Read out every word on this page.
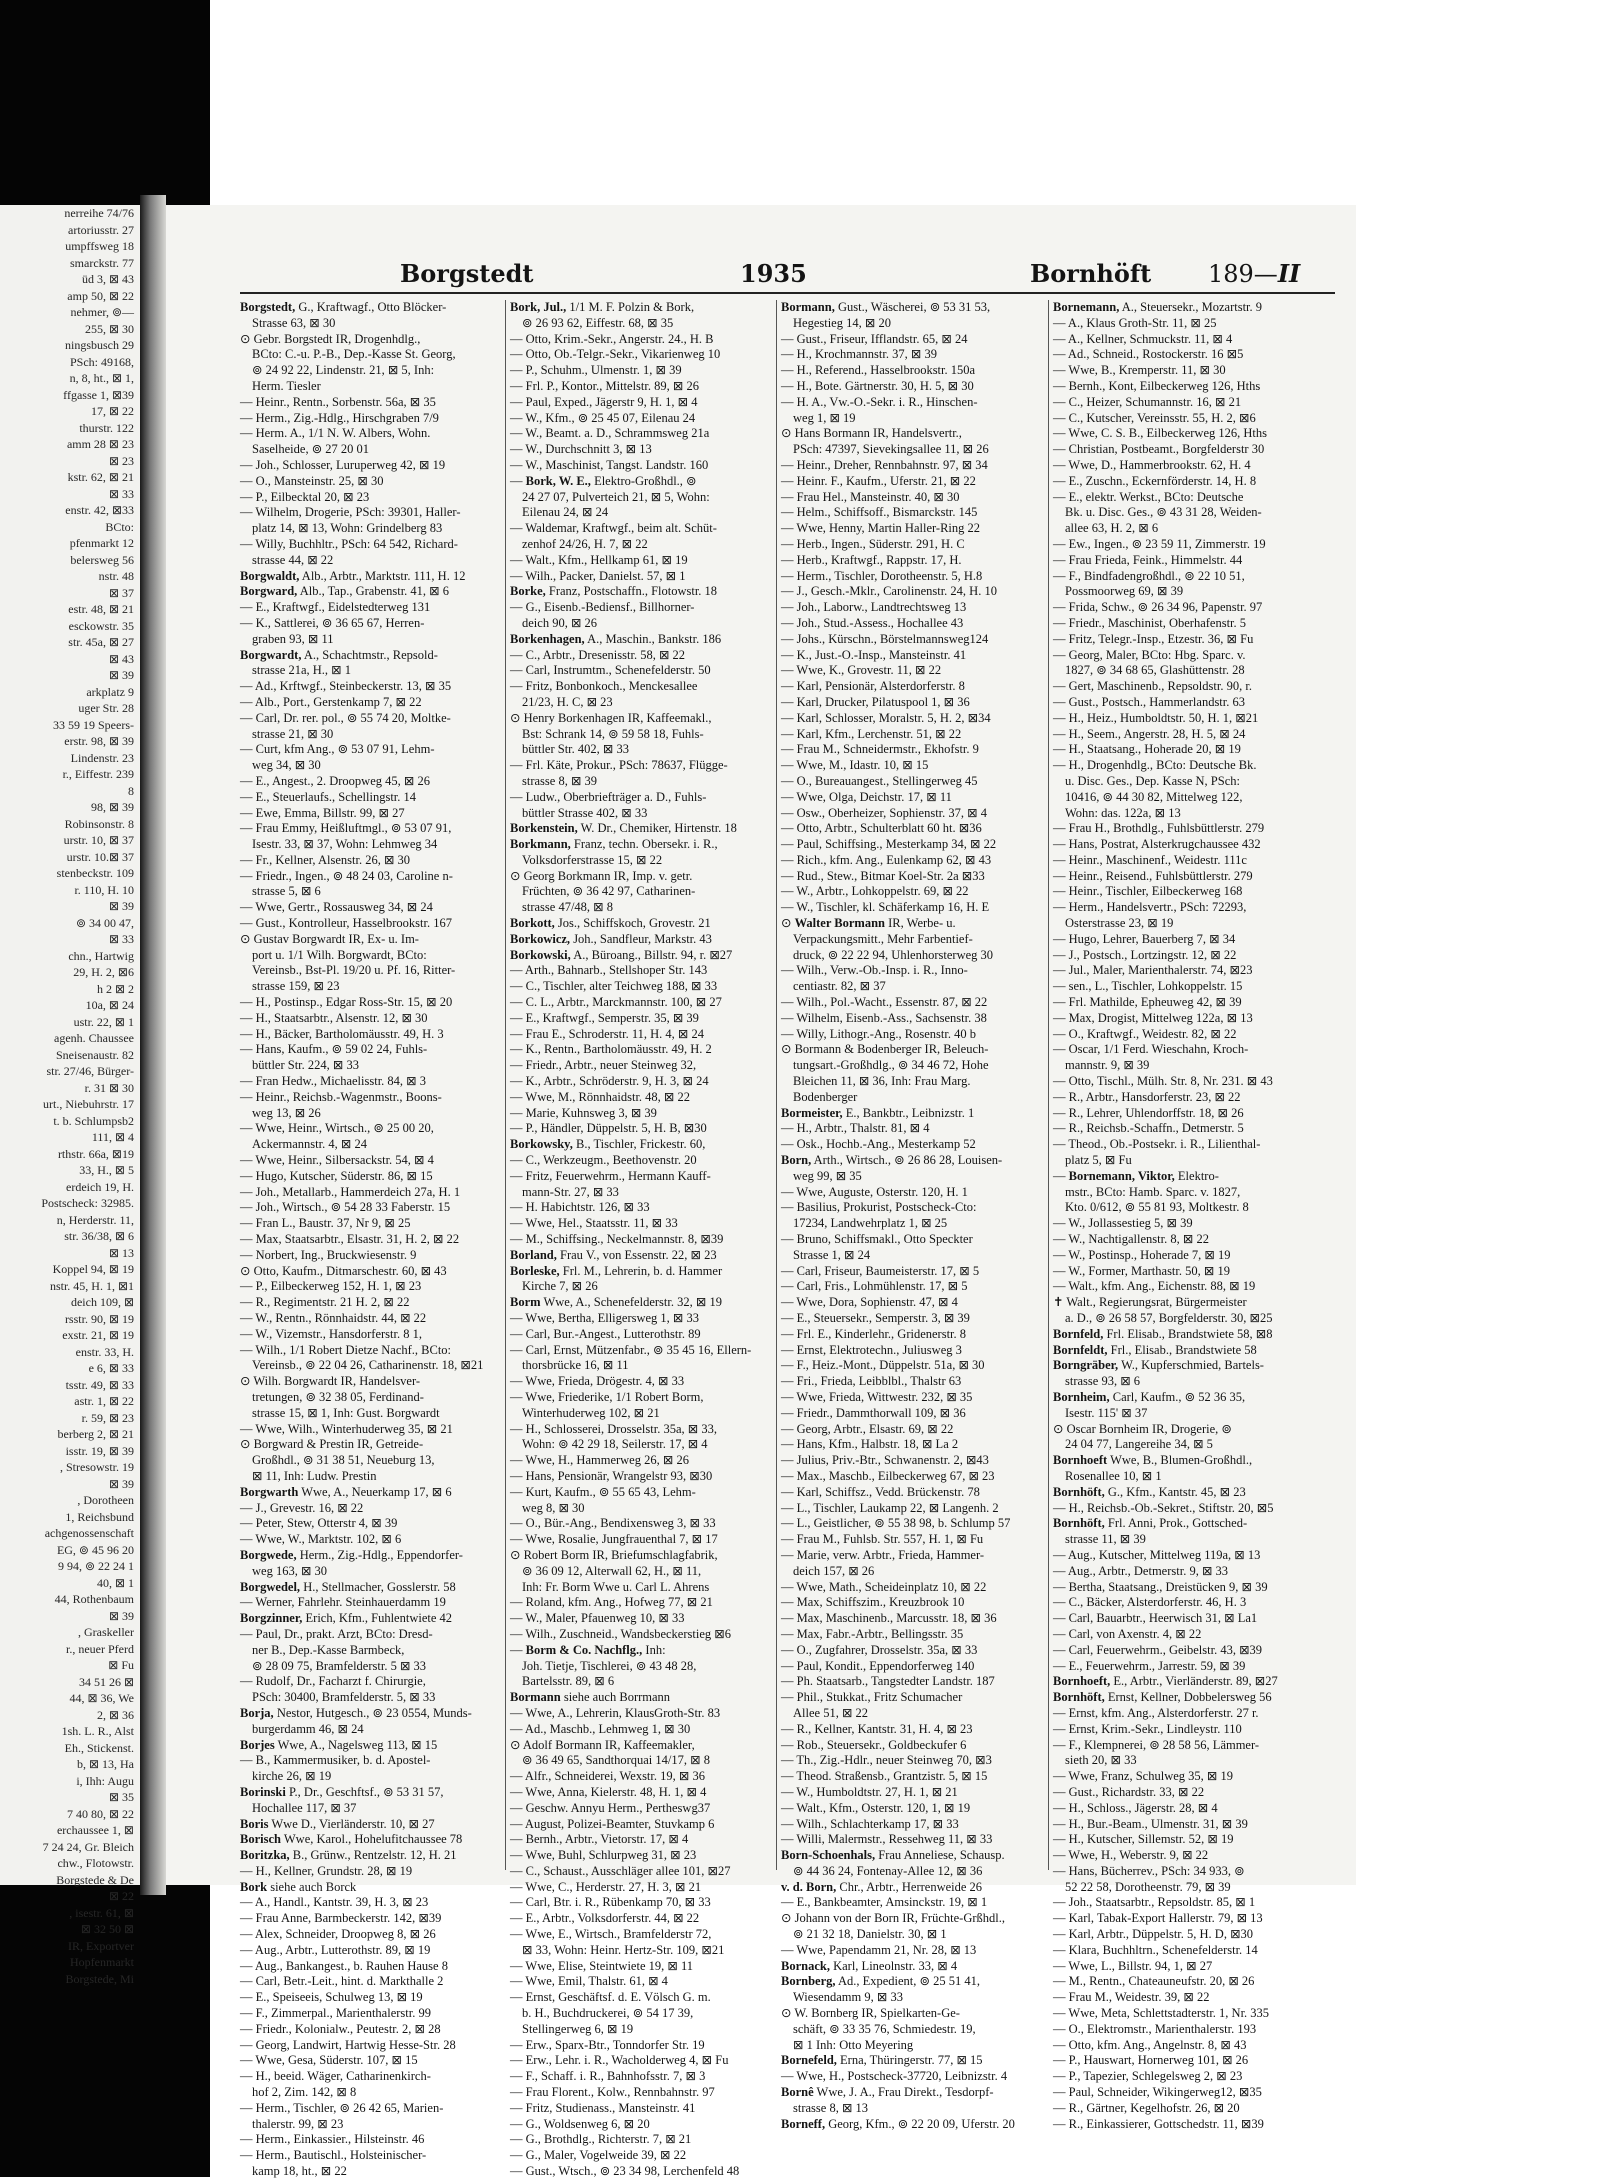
nerreihe 74/76
artoriusstr. 27
umpffsweg 18
smarckstr. 77
üd 3, ⊠ 43
amp 50, ⊠ 22
nehmer, ⊚—
255, ⊠ 30
ningsbusch 29
PSch: 49168,
n, 8, ht., ⊠ 1,
ffgasse 1, ⊠39
17, ⊠ 22
thurstr. 122
amm 28 ⊠ 23
⊠ 23
kstr. 62, ⊠ 21
⊠ 33
enstr. 42, ⊠33
BCto:
pfenmarkt 12
belersweg 56
nstr. 48
⊠ 37
estr. 48, ⊠ 21
esckowstr. 35
str. 45a, ⊠ 27
⊠ 43
⊠ 39
arkplatz 9
uger Str. 28
33 59 19 Speers-
erstr. 98, ⊠ 39
Lindenstr. 23
r., Eiffestr. 239
8
98, ⊠ 39
Robinsonstr. 8
urstr. 10, ⊠ 37
urstr. 10.⊠ 37
stenbeckstr. 109
r. 110, H. 10
⊠ 39
⊚ 34 00 47,
⊠ 33
chn., Hartwig
29, H. 2, ⊠6
h 2 ⊠ 2
10a, ⊠ 24
ustr. 22, ⊠ 1
agenh. Chaussee
Sneisenaustr. 82
str. 27/46, Bürger-
r. 31 ⊠ 30
urt., Niebuhrstr. 17
t. b. Schlumpsb2
111, ⊠ 4
rthstr. 66a, ⊠19
33, H., ⊠ 5
erdeich 19, H.
Postscheck: 32985.
n, Herderstr. 11,
str. 36/38, ⊠ 6
⊠ 13
Koppel 94, ⊠ 19
nstr. 45, H. 1, ⊠1
deich 109, ⊠
rsstr. 90, ⊠ 19
exstr. 21, ⊠ 19
enstr. 33, H.
e 6, ⊠ 33
tsstr. 49, ⊠ 33
astr. 1, ⊠ 22
r. 59, ⊠ 23
berberg 2, ⊠ 21
isstr. 19, ⊠ 39
, Stresowstr. 19
⊠ 39
, Dorotheen
1, Reichsbund
achgenossenschaft
EG, ⊚ 45 96 20
9 94, ⊚ 22 24 1
40, ⊠ 1
44, Rothenbaum
⊠ 39
, Graskeller
r., neuer Pferd
⊠ Fu
34 51 26 ⊠
44, ⊠ 36, We
2, ⊠ 36
1sh. L. R., Alst
Eh., Stickenst.
b, ⊠ 13, Ha
i, Ihh: Augu
⊠ 35
7 40 80, ⊠ 22
erchaussee 1, ⊠
7 24 24, Gr. Bleich
chw., Flotowstr.
Borgstede & De
⊠ 22
, isestr. 61, ⊠
⊠ 32 50 ⊠
IR, Exportver
Hopfenmarkt
Borgstede, Mi
Borgstedt	1935	Bornhöft 189—II
Borgstedt, G., Kraftwagf., Otto Blöcker-
Strasse 63, ⊠ 30
⊙ Gebr. Borgstedt IR, Drogenhdlg.,
BCto: C.-u. P.-B., Dep.-Kasse St. Georg,
⊚ 24 92 22, Lindenstr. 21, ⊠ 5, Inh:
Herm. Tiesler
— Heinr., Rentn., Sorbenstr. 56a, ⊠ 35
— Herm., Zig.-Hdlg., Hirschgraben 7/9
— Herm. A., 1/1 N. W. Albers, Wohn.
Saselheide, ⊚ 27 20 01
— Joh., Schlosser, Luruperweg 42, ⊠ 19
— O., Mansteinstr. 25, ⊠ 30
— P., Eilbecktal 20, ⊠ 23
— Wilhelm, Drogerie, PSch: 39301, Haller-
platz 14, ⊠ 13, Wohn: Grindelberg 83
— Willy, Buchhltr., PSch: 64 542, Richard-
strasse 44, ⊠ 22
Borgwaldt, Alb., Arbtr., Marktstr. 111, H. 12
Borgward, Alb., Tap., Grabenstr. 41, ⊠ 6
— E., Kraftwgf., Eidelstedterweg 131
— K., Sattlerei, ⊚ 36 65 67, Herren-
graben 93, ⊠ 11
Borgwardt, A., Schachtmstr., Repsold-
strasse 21a, H., ⊠ 1
— Ad., Krftwgf., Steinbeckerstr. 13, ⊠ 35
— Alb., Port., Gerstenkamp 7, ⊠ 22
— Carl, Dr. rer. pol., ⊚ 55 74 20, Moltke-
strasse 21, ⊠ 30
— Curt, kfm Ang., ⊚ 53 07 91, Lehm-
weg 34, ⊠ 30
— E., Angest., 2. Droopweg 45, ⊠ 26
— E., Steuerlaufs., Schellingstr. 14
— Ewe, Emma, Billstr. 99, ⊠ 27
— Frau Emmy, Heißluftmgl., ⊚ 53 07 91,
Isestr. 33, ⊠ 37, Wohn: Lehmweg 34
— Fr., Kellner, Alsenstr. 26, ⊠ 30
— Friedr., Ingen., ⊚ 48 24 03, Caroline n-
strasse 5, ⊠ 6
— Wwe, Gertr., Rossausweg 34, ⊠ 24
— Gust., Kontrolleur, Hasselbrookstr. 167
⊙ Gustav Borgwardt IR, Ex- u. Im-
port u. 1/1 Wilh. Borgwardt, BCto:
Vereinsb., Bst-Pl. 19/20 u. Pf. 16, Ritter-
strasse 159, ⊠ 23
— H., Postinsp., Edgar Ross-Str. 15, ⊠ 20
— H., Staatsarbtr., Alsenstr. 12, ⊠ 30
— H., Bäcker, Bartholomäusstr. 49, H. 3
— Hans, Kaufm., ⊚ 59 02 24, Fuhls-
büttler Str. 224, ⊠ 33
— Fran Hedw., Michaelisstr. 84, ⊠ 3
— Heinr., Reichsb.-Wagenmstr., Boons-
weg 13, ⊠ 26
— Wwe, Heinr., Wirtsch., ⊚ 25 00 20,
Ackermannstr. 4, ⊠ 24
— Wwe, Heinr., Silbersackstr. 54, ⊠ 4
— Hugo, Kutscher, Süderstr. 86, ⊠ 15
— Joh., Metallarb., Hammerdeich 27a, H. 1
— Joh., Wirtsch., ⊚ 54 28 33 Faberstr. 15
— Fran L., Baustr. 37, Nr 9, ⊠ 25
— Max, Staatsarbtr., Elsastr. 31, H. 2, ⊠ 22
— Norbert, Ing., Bruckwiesenstr. 9
⊙ Otto, Kaufm., Ditmarschestr. 60, ⊠ 43
— P., Eilbeckerweg 152, H. 1, ⊠ 23
— R., Regimentstr. 21 H. 2, ⊠ 22
— W., Rentn., Rönnhaidstr. 44, ⊠ 22
— W., Vizemstr., Hansdorferstr. 8 1,
— Wilh., 1/1 Robert Dietze Nachf., BCto:
Vereinsb., ⊚ 22 04 26, Catharinenstr. 18, ⊠21
⊙ Wilh. Borgwardt IR, Handelsver-
tretungen, ⊚ 32 38 05, Ferdinand-
strasse 15, ⊠ 1, Inh: Gust. Borgwardt
— Wwe, Wilh., Winterhuderweg 35, ⊠ 21
⊙ Borgward & Prestin IR, Getreide-
Großhdl., ⊚ 31 38 51, Neueburg 13,
⊠ 11, Inh: Ludw. Prestin
Borgwarth Wwe, A., Neuerkamp 17, ⊠ 6
— J., Grevestr. 16, ⊠ 22
— Peter, Stew, Otterstr 4, ⊠ 39
— Wwe, W., Marktstr. 102, ⊠ 6
Borgwede, Herm., Zig.-Hdlg., Eppendorfer-
weg 163, ⊠ 30
Borgwedel, H., Stellmacher, Gosslerstr. 58
— Werner, Fahrlehr. Steinhauerdamm 19
Borgzinner, Erich, Kfm., Fuhlentwiete 42
— Paul, Dr., prakt. Arzt, BCto: Dresd-
ner B., Dep.-Kasse Barmbeck,
⊚ 28 09 75, Bramfelderstr. 5 ⊠ 33
— Rudolf, Dr., Facharzt f. Chirurgie,
PSch: 30400, Bramfelderstr. 5, ⊠ 33
Borja, Nestor, Hutgesch., ⊚ 23 0554, Munds-
burgerdamm 46, ⊠ 24
Borjes Wwe, A., Nagelsweg 113, ⊠ 15
— B., Kammermusiker, b. d. Apostel-
kirche 26, ⊠ 19
Borinski P., Dr., Geschftsf., ⊚ 53 31 57,
Hochallee 117, ⊠ 37
Boris Wwe D., Vierländerstr. 10, ⊠ 27
Borisch Wwe, Karol., Hohelufitchaussee 78
Boritzka, B., Grünw., Rentzelstr. 12, H. 21
— H., Kellner, Grundstr. 28, ⊠ 19
Bork siehe auch Borck
— A., Handl., Kantstr. 39, H. 3, ⊠ 23
— Frau Anne, Barmbeckerstr. 142, ⊠39
— Alex, Schneider, Droopweg 8, ⊠ 26
— Aug., Arbtr., Lutterothstr. 89, ⊠ 19
— Aug., Bankangest., b. Rauhen Hause 8
— Carl, Betr.-Leit., hint. d. Markthalle 2
— E., Speiseeis, Schulweg 13, ⊠ 19
— F., Zimmerpal., Marienthalerstr. 99
— Friedr., Kolonialw., Peutestr. 2, ⊠ 28
— Georg, Landwirt, Hartwig Hesse-Str. 28
— Wwe, Gesa, Süderstr. 107, ⊠ 15
— H., beeid. Wäger, Catharinenkirch-
hof 2, Zim. 142, ⊠ 8
— Herm., Tischler, ⊚ 26 42 65, Marien-
thalerstr. 99, ⊠ 23
— Herm., Einkassier., Hilsteinstr. 46
— Herm., Bautischl., Holsteinischer-
kamp 18, ht., ⊠ 22
Bork, Jul., 1/1 M. F. Polzin & Bork,
⊚ 26 93 62, Eiffestr. 68, ⊠ 35
— Otto, Krim.-Sekr., Angerstr. 24., H. B
— Otto, Ob.-Telgr.-Sekr., Vikarienweg 10
— P., Schuhm., Ulmenstr. 1, ⊠ 39
— Frl. P., Kontor., Mittelstr. 89, ⊠ 26
— Paul, Exped., Jägerstr 9, H. 1, ⊠ 4
— W., Kfm., ⊚ 25 45 07, Eilenau 24
— W., Beamt. a. D., Schrammsweg 21a
— W., Durchschnitt 3, ⊠ 13
— W., Maschinist, Tangst. Landstr. 160
— Bork, W. E., Elektro-Großhdl., ⊚
24 27 07, Pulverteich 21, ⊠ 5, Wohn:
Eilenau 24, ⊠ 24
— Waldemar, Kraftwgf., beim alt. Schüt-
zenhof 24/26, H. 7, ⊠ 22
— Walt., Kfm., Hellkamp 61, ⊠ 19
— Wilh., Packer, Danielst. 57, ⊠ 1
Borke, Franz, Postschaffn., Flotowstr. 18
— G., Eisenb.-Bediensf., Billhorner-
deich 90, ⊠ 26
Borkenhagen, A., Maschin., Bankstr. 186
— C., Arbtr., Dresenisstr. 58, ⊠ 22
— Carl, Instrumtm., Schenefelderstr. 50
— Fritz, Bonbonkoch., Menckesallee
21/23, H. C, ⊠ 23
⊙ Henry Borkenhagen IR, Kaffeemakl.,
Bst: Schrank 14, ⊚ 59 58 18, Fuhls-
büttler Str. 402, ⊠ 33
— Frl. Käte, Prokur., PSch: 78637, Flügge-
strasse 8, ⊠ 39
— Ludw., Oberbriefträger a. D., Fuhls-
büttler Strasse 402, ⊠ 33
Borkenstein, W. Dr., Chemiker, Hirtenstr. 18
Borkmann, Franz, techn. Obersekr. i. R.,
Volksdorferstrasse 15, ⊠ 22
⊙ Georg Borkmann IR, Imp. v. getr.
Früchten, ⊚ 36 42 97, Catharinen-
strasse 47/48, ⊠ 8
Borkott, Jos., Schiffskoch, Grovestr. 21
Borkowicz, Joh., Sandfleur, Markstr. 43
Borkowski, A., Büroang., Billstr. 94, r. ⊠27
— Arth., Bahnarb., Stellshoper Str. 143
— C., Tischler, alter Teichweg 188, ⊠ 33
— C. L., Arbtr., Marckmannstr. 100, ⊠ 27
— E., Kraftwgf., Semperstr. 35, ⊠ 39
— Frau E., Schroderstr. 11, H. 4, ⊠ 24
— K., Rentn., Bartholomäusstr. 49, H. 2
— Friedr., Arbtr., neuer Steinweg 32,
— K., Arbtr., Schröderstr. 9, H. 3, ⊠ 24
— Wwe, M., Rönnhaidstr. 48, ⊠ 22
— Marie, Kuhnsweg 3, ⊠ 39
— P., Händler, Düppelstr. 5, H. B, ⊠30
Borkowsky, B., Tischler, Frickestr. 60,
— C., Werkzeugm., Beethovenstr. 20
— Fritz, Feuerwehrm., Hermann Kauff-
mann-Str. 27, ⊠ 33
— H. Habichtstr. 126, ⊠ 33
— Wwe, Hel., Staatsstr. 11, ⊠ 33
— M., Schiffsing., Neckelmannstr. 8, ⊠39
Borland, Frau V., von Essenstr. 22, ⊠ 23
Borleske, Frl. M., Lehrerin, b. d. Hammer
Kirche 7, ⊠ 26
Borm Wwe, A., Schenefelderstr. 32, ⊠ 19
— Wwe, Bertha, Elligersweg 1, ⊠ 33
— Carl, Bur.-Angest., Lutterothstr. 89
— Carl, Ernst, Mützenfabr., ⊚ 35 45 16, Ellern-
thorsbrücke 16, ⊠ 11
— Wwe, Frieda, Drögestr. 4, ⊠ 33
— Wwe, Friederike, 1/1 Robert Borm,
Winterhuderweg 102, ⊠ 21
— H., Schlosserei, Drosselstr. 35a, ⊠ 33,
Wohn: ⊚ 42 29 18, Seilerstr. 17, ⊠ 4
— Wwe, H., Hammerweg 26, ⊠ 26
— Hans, Pensionär, Wrangelstr 93, ⊠30
— Kurt, Kaufm., ⊚ 55 65 43, Lehm-
weg 8, ⊠ 30
— O., Bür.-Ang., Bendixensweg 3, ⊠ 33
— Wwe, Rosalie, Jungfrauenthal 7, ⊠ 17
⊙ Robert Borm IR, Briefumschlagfabrik,
⊚ 36 09 12, Alterwall 62, H., ⊠ 11,
Inh: Fr. Borm Wwe u. Carl L. Ahrens
— Roland, kfm. Ang., Hofweg 77, ⊠ 21
— W., Maler, Pfauenweg 10, ⊠ 33
— Wilh., Zuschneid., Wandsbeckerstieg ⊠6
— Borm & Co. Nachflg., Inh:
Joh. Tietje, Tischlerei, ⊚ 43 48 28,
Bartelsstr. 89, ⊠ 6
Bormann siehe auch Borrmann
— Wwe, A., Lehrerin, KlausGroth-Str. 83
— Ad., Maschb., Lehmweg 1, ⊠ 30
⊙ Adolf Bormann IR, Kaffeemakler,
⊚ 36 49 65, Sandthorquai 14/17, ⊠ 8
— Alfr., Schneiderei, Wexstr. 19, ⊠ 36
— Wwe, Anna, Kielerstr. 48, H. 1, ⊠ 4
— Geschw. Annyu Herm., Pertheswg37
— August, Polizei-Beamter, Stuvkamp 6
— Bernh., Arbtr., Vietorstr. 17, ⊠ 4
— Wwe, Buhl, Schlurpweg 31, ⊠ 23
— C., Schaust., Ausschläger allee 101, ⊠27
— Wwe, C., Herderstr. 27, H. 3, ⊠ 21
— Carl, Btr. i. R., Rübenkamp 70, ⊠ 33
— E., Arbtr., Volksdorferstr. 44, ⊠ 22
— Wwe, E., Wirtsch., Bramfelderstr 72,
⊠ 33, Wohn: Heinr. Hertz-Str. 109, ⊠21
— Wwe, Elise, Steintwiete 19, ⊠ 11
— Wwe, Emil, Thalstr. 61, ⊠ 4
— Ernst, Geschäftsf. d. E. Völsch G. m.
b. H., Buchdruckerei, ⊚ 54 17 39,
Stellingerweg 6, ⊠ 19
— Erw., Sparx-Btr., Tonndorfer Str. 19
— Erw., Lehr. i. R., Wacholderweg 4, ⊠ Fu
— F., Schaff. i. R., Bahnhofsstr. 7, ⊠ 3
— Frau Florent., Kolw., Rennbahnstr. 97
— Fritz, Studienass., Mansteinstr. 41
— G., Woldsenweg 6, ⊠ 20
— G., Brothdlg., Richterstr. 7, ⊠ 21
— G., Maler, Vogelweide 39, ⊠ 22
— Gust., Wtsch., ⊚ 23 34 98, Lerchenfeld 48
Bormann, Gust., Wäscherei, ⊚ 53 31 53,
Hegestieg 14, ⊠ 20
— Gust., Friseur, Ifflandstr. 65, ⊠ 24
— H., Krochmannstr. 37, ⊠ 39
— H., Referend., Hasselbrookstr. 150a
— H., Bote. Gärtnerstr. 30, H. 5, ⊠ 30
— H. A., Vw.-O.-Sekr. i. R., Hinschen-
weg 1, ⊠ 19
⊙ Hans Bormann IR, Handelsvertr.,
PSch: 47397, Sievekingsallee 11, ⊠ 26
— Heinr., Dreher, Rennbahnstr. 97, ⊠ 34
— Heinr. F., Kaufm., Uferstr. 21, ⊠ 22
— Frau Hel., Mansteinstr. 40, ⊠ 30
— Helm., Schiffsoff., Bismarckstr. 145
— Wwe, Henny, Martin Haller-Ring 22
— Herb., Ingen., Süderstr. 291, H. C
— Herb., Kraftwgf., Rappstr. 17, H.
— Herm., Tischler, Dorotheenstr. 5, H.8
— J., Gesch.-Mklr., Carolinenstr. 24, H. 10
— Joh., Laborw., Landtrechtsweg 13
— Joh., Stud.-Assess., Hochallee 43
— Johs., Kürschn., Börstelmannsweg124
— K., Just.-O.-Insp., Mansteinstr. 41
— Wwe, K., Grovestr. 11, ⊠ 22
— Karl, Pensionär, Alsterdorferstr. 8
— Karl, Drucker, Pilatuspool 1, ⊠ 36
— Karl, Schlosser, Moralstr. 5, H. 2, ⊠34
— Karl, Kfm., Lerchenstr. 51, ⊠ 22
— Frau M., Schneidermstr., Ekhofstr. 9
— Wwe, M., Idastr. 10, ⊠ 15
— O., Bureauangest., Stellingerweg 45
— Wwe, Olga, Deichstr. 17, ⊠ 11
— Osw., Oberheizer, Sophienstr. 37, ⊠ 4
— Otto, Arbtr., Schulterblatt 60 ht. ⊠36
— Paul, Schiffsing., Mesterkamp 34, ⊠ 22
— Rich., kfm. Ang., Eulenkamp 62, ⊠ 43
— Rud., Stew., Bitmar Koel-Str. 2a ⊠33
— W., Arbtr., Lohkoppelstr. 69, ⊠ 22
— W., Tischler, kl. Schäferkamp 16, H. E
⊙ Walter Bormann IR, Werbe- u.
Verpackungsmitt., Mehr Farbentief-
druck, ⊚ 22 22 94, Uhlenhorsterweg 30
— Wilh., Verw.-Ob.-Insp. i. R., Inno-
centiastr. 82, ⊠ 37
— Wilh., Pol.-Wacht., Essenstr. 87, ⊠ 22
— Wilhelm, Eisenb.-Ass., Sachsenstr. 38
— Willy, Lithogr.-Ang., Rosenstr. 40 b
⊙ Bormann & Bodenberger IR, Beleuch-
tungsart.-Großhdlg., ⊚ 34 46 72, Hohe
Bleichen 11, ⊠ 36, Inh: Frau Marg.
Bodenberger
Bormeister, E., Bankbtr., Leibnizstr. 1
— H., Arbtr., Thalstr. 81, ⊠ 4
— Osk., Hochb.-Ang., Mesterkamp 52
Born, Arth., Wirtsch., ⊚ 26 86 28, Louisen-
weg 99, ⊠ 35
— Wwe, Auguste, Osterstr. 120, H. 1
— Basilius, Prokurist, Postscheck-Cto:
17234, Landwehrplatz 1, ⊠ 25
— Bruno, Schiffsmakl., Otto Speckter
Strasse 1, ⊠ 24
— Carl, Friseur, Baumeisterstr. 17, ⊠ 5
— Carl, Fris., Lohmühlenstr. 17, ⊠ 5
— Wwe, Dora, Sophienstr. 47, ⊠ 4
— E., Steuersekr., Semperstr. 3, ⊠ 39
— Frl. E., Kinderlehr., Gridenerstr. 8
— Ernst, Elektrotechn., Juliusweg 3
— F., Heiz.-Mont., Düppelstr. 51a, ⊠ 30
— Fri., Frieda, Leibblbl., Thalstr 63
— Wwe, Frieda, Wittwestr. 232, ⊠ 35
— Friedr., Dammthorwall 109, ⊠ 36
— Georg, Arbtr., Elsastr. 69, ⊠ 22
— Hans, Kfm., Halbstr. 18, ⊠ La 2
— Julius, Priv.-Btr., Schwanenstr. 2, ⊠43
— Max., Maschb., Eilbeckerweg 67, ⊠ 23
— Karl, Schiffsz., Vedd. Brückenstr. 78
— L., Tischler, Laukamp 22, ⊠ Langenh. 2
— L., Geistlicher, ⊚ 55 38 98, b. Schlump 57
— Frau M., Fuhlsb. Str. 557, H. 1, ⊠ Fu
— Marie, verw. Arbtr., Frieda, Hammer-
deich 157, ⊠ 26
— Wwe, Math., Scheideinplatz 10, ⊠ 22
— Max, Schiffszim., Kreuzbrook 10
— Max, Maschinenb., Marcusstr. 18, ⊠ 36
— Max, Fabr.-Arbtr., Bellingsstr. 35
— O., Zugfahrer, Drosselstr. 35a, ⊠ 33
— Paul, Kondit., Eppendorferweg 140
— Ph. Staatsarb., Tangstedter Landstr. 187
— Phil., Stukkat., Fritz Schumacher
Allee 51, ⊠ 22
— R., Kellner, Kantstr. 31, H. 4, ⊠ 23
— Rob., Steuersekr., Goldbeckufer 6
— Th., Zig.-Hdlr., neuer Steinweg 70, ⊠3
— Theod. Straßensb., Grantzistr. 5, ⊠ 15
— W., Humboldtstr. 27, H. 1, ⊠ 21
— Walt., Kfm., Osterstr. 120, 1, ⊠ 19
— Wilh., Schlachterkamp 17, ⊠ 33
— Willi, Malermstr., Ressehweg 11, ⊠ 33
Born-Schoenhals, Frau Anneliese, Schausp.
⊚ 44 36 24, Fontenay-Allee 12, ⊠ 36
v. d. Born, Chr., Arbtr., Herrenweide 26
— E., Bankbeamter, Amsinckstr. 19, ⊠ 1
⊙ Johann von der Born IR, Früchte-Grßhdl.,
⊚ 21 32 18, Danielstr. 30, ⊠ 1
— Wwe, Papendamm 21, Nr. 28, ⊠ 13
Bornack, Karl, Lineolnstr. 33, ⊠ 4
Bornberg, Ad., Expedient, ⊚ 25 51 41,
Wiesendamm 9, ⊠ 33
⊙ W. Bornberg IR, Spielkarten-Ge-
schäft, ⊚ 33 35 76, Schmiedestr. 19,
⊠ 1 Inh: Otto Meyering
Bornefeld, Erna, Thüringerstr. 77, ⊠ 15
— Wwe, H., Postscheck-37720, Leibnizstr. 4
Bornê Wwe, J. A., Frau Direkt., Tesdorpf-
strasse 8, ⊠ 13
Borneff, Georg, Kfm., ⊚ 22 20 09, Uferstr. 20
Bornemann, A., Steuersekr., Mozartstr. 9
— A., Klaus Groth-Str. 11, ⊠ 25
— A., Kellner, Schmuckstr. 11, ⊠ 4
— Ad., Schneid., Rostockerstr. 16 ⊠5
— Wwe, B., Kremperstr. 11, ⊠ 30
— Bernh., Kont, Eilbeckerweg 126, Hths
— C., Heizer, Schumannstr. 16, ⊠ 21
— C., Kutscher, Vereinsstr. 55, H. 2, ⊠6
— Wwe, C. S. B., Eilbeckerweg 126, Hths
— Christian, Postbeamt., Borgfelderstr 30
— Wwe, D., Hammerbrookstr. 62, H. 4
— E., Zuschn., Eckernförderstr. 14, H. 8
— E., elektr. Werkst., BCto: Deutsche
Bk. u. Disc. Ges., ⊚ 43 31 28, Weiden-
allee 63, H. 2, ⊠ 6
— Ew., Ingen., ⊚ 23 59 11, Zimmerstr. 19
— Frau Frieda, Feink., Himmelstr. 44
— F., Bindfadengroßhdl., ⊚ 22 10 51,
Possmoorweg 69, ⊠ 39
— Frida, Schw., ⊚ 26 34 96, Papenstr. 97
— Friedr., Maschinist, Oberhafenstr. 5
— Fritz, Telegr.-Insp., Etzestr. 36, ⊠ Fu
— Georg, Maler, BCto: Hbg. Sparc. v.
1827, ⊚ 34 68 65, Glashüttenstr. 28
— Gert, Maschinenb., Repsoldstr. 90, r.
— Gust., Postsch., Hammerlandstr. 63
— H., Heiz., Humboldtstr. 50, H. 1, ⊠21
— H., Seem., Angerstr. 28, H. 5, ⊠ 24
— H., Staatsang., Hoherade 20, ⊠ 19
— H., Drogenhdlg., BCto: Deutsche Bk.
u. Disc. Ges., Dep. Kasse N, PSch:
10416, ⊚ 44 30 82, Mittelweg 122,
Wohn: das. 122a, ⊠ 13
— Frau H., Brothdlg., Fuhlsbüttlerstr. 279
— Hans, Postrat, Alsterkrugchaussee 432
— Heinr., Maschinenf., Weidestr. 111c
— Heinr., Reisend., Fuhlsbüttlerstr. 279
— Heinr., Tischler, Eilbeckerweg 168
— Herm., Handelsvertr., PSch: 72293,
Osterstrasse 23, ⊠ 19
— Hugo, Lehrer, Bauerberg 7, ⊠ 34
— J., Postsch., Lortzingstr. 12, ⊠ 22
— Jul., Maler, Marienthalerstr. 74, ⊠23
— sen., L., Tischler, Lohkoppelstr. 15
— Frl. Mathilde, Epheuweg 42, ⊠ 39
— Max, Drogist, Mittelweg 122a, ⊠ 13
— O., Kraftwgf., Weidestr. 82, ⊠ 22
— Oscar, 1/1 Ferd. Wieschahn, Kroch-
mannstr. 9, ⊠ 39
— Otto, Tischl., Mülh. Str. 8, Nr. 231. ⊠ 43
— R., Arbtr., Hansdorferstr. 23, ⊠ 22
— R., Lehrer, Uhlendorffstr. 18, ⊠ 26
— R., Reichsb.-Schaffn., Detmerstr. 5
— Theod., Ob.-Postsekr. i. R., Lilienthal-
platz 5, ⊠ Fu
— Bornemann, Viktor, Elektro-
mstr., BCto: Hamb. Sparc. v. 1827,
Kto. 0/612, ⊚ 55 81 93, Moltkestr. 8
— W., Jollassestieg 5, ⊠ 39
— W., Nachtigallenstr. 8, ⊠ 22
— W., Postinsp., Hoherade 7, ⊠ 19
— W., Former, Marthastr. 50, ⊠ 19
— Walt., kfm. Ang., Eichenstr. 88, ⊠ 19
✝ Walt., Regierungsrat, Bürgermeister
a. D., ⊚ 26 58 57, Borgfelderstr. 30, ⊠25
Bornfeld, Frl. Elisab., Brandstwiete 58, ⊠8
Bornfeldt, Frl., Elisab., Brandstwiete 58
Borngräber, W., Kupferschmied, Bartels-
strasse 93, ⊠ 6
Bornheim, Carl, Kaufm., ⊚ 52 36 35,
Isestr. 115' ⊠ 37
⊙ Oscar Bornheim IR, Drogerie, ⊚
24 04 77, Langereihe 34, ⊠ 5
Bornhoeft Wwe, B., Blumen-Großhdl.,
Rosenallee 10, ⊠ 1
Bornhöft, G., Kfm., Kantstr. 45, ⊠ 23
— H., Reichsb.-Ob.-Sekret., Stiftstr. 20, ⊠5
Bornhöft, Frl. Anni, Prok., Gottsched-
strasse 11, ⊠ 39
— Aug., Kutscher, Mittelweg 119a, ⊠ 13
— Aug., Arbtr., Detmerstr. 9, ⊠ 33
— Bertha, Staatsang., Dreistücken 9, ⊠ 39
— C., Bäcker, Alsterdorferstr. 46, H. 3
— Carl, Bauarbtr., Heerwisch 31, ⊠ La1
— Carl, von Axenstr. 4, ⊠ 22
— Carl, Feuerwehrm., Geibelstr. 43, ⊠39
— E., Feuerwehrm., Jarrestr. 59, ⊠ 39
Bornhoeft, E., Arbtr., Vierländerstr. 89, ⊠27
Bornhöft, Ernst, Kellner, Dobbelersweg 56
— Ernst, kfm. Ang., Alsterdorferstr. 27 r.
— Ernst, Krim.-Sekr., Lindleystr. 110
— F., Klempnerei, ⊚ 28 58 56, Lämmer-
sieth 20, ⊠ 33
— Wwe, Franz, Schulweg 35, ⊠ 19
— Gust., Richardstr. 33, ⊠ 22
— H., Schloss., Jägerstr. 28, ⊠ 4
— H., Bur.-Beam., Ulmenstr. 31, ⊠ 39
— H., Kutscher, Sillemstr. 52, ⊠ 19
— Wwe, H., Weberstr. 9, ⊠ 22
— Hans, Bücherrev., PSch: 34 933, ⊚
52 22 58, Dorotheenstr. 79, ⊠ 39
— Joh., Staatsarbtr., Repsoldstr. 85, ⊠ 1
— Karl, Tabak-Export Hallerstr. 79, ⊠ 13
— Karl, Arbtr., Düppelstr. 5, H. D, ⊠30
— Klara, Buchhltrn., Schenefelderstr. 14
— Wwe, L., Billstr. 94, 1, ⊠ 27
— M., Rentn., Chateauneufstr. 20, ⊠ 26
— Frau M., Weidestr. 39, ⊠ 22
— Wwe, Meta, Schlettstadterstr. 1, Nr. 335
— O., Elektromstr., Marienthalerstr. 193
— Otto, kfm. Ang., Angelnstr. 8, ⊠ 43
— P., Hauswart, Hornerweg 101, ⊠ 26
— P., Tapezier, Schlegelsweg 2, ⊠ 23
— Paul, Schneider, Wikingerweg12, ⊠35
— R., Gärtner, Kegelhofstr. 26, ⊠ 20
— R., Einkassierer, Gottschedstr. 11, ⊠39
